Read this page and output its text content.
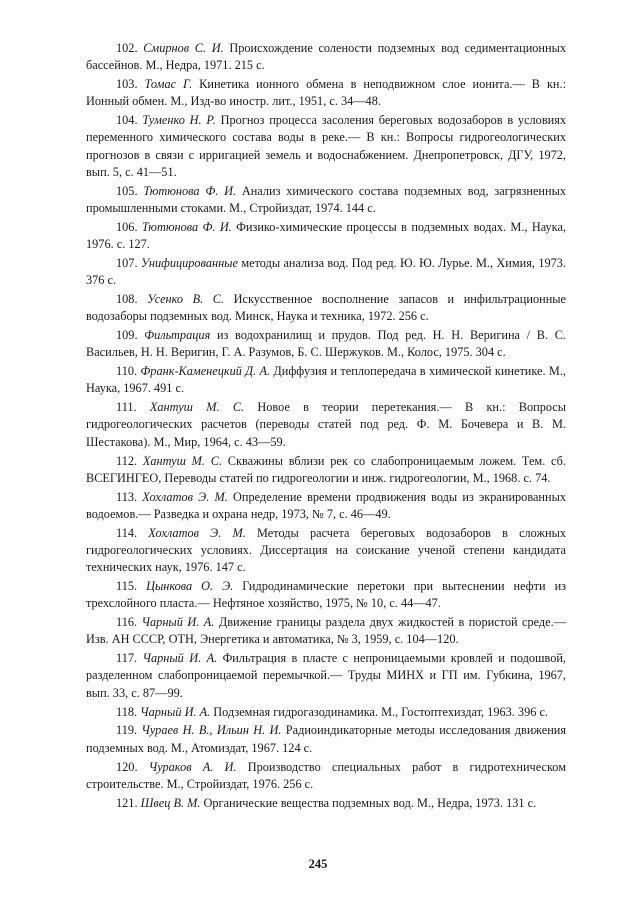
102. Смирнов С. И. Происхождение солености подземных вод седиментационных бассейнов. М., Недра, 1971. 215 с.

103. Томас Г. Кинетика ионного обмена в неподвижном слое ионита.— В кн.: Ионный обмен. М., Изд-во иностр. лит., 1951, с. 34—48.

104. Туменко Н. Р. Прогноз процесса засоления береговых водозаборов в условиях переменного химического состава воды в реке.— В кн.: Вопросы гидрогеологических прогнозов в связи с ирригацией земель и водоснабжением. Днепропетровск, ДГУ, 1972, вып. 5, с. 41—51.

105. Тютюнова Ф. И. Анализ химического состава подземных вод, загрязненных промышленными стоками. М., Стройиздат, 1974. 144 с.

106. Тютюнова Ф. И. Физико-химические процессы в подземных водах. М., Наука, 1976. с. 127.

107. Унифицированные методы анализа вод. Под ред. Ю. Ю. Лурье. М., Химия, 1973. 376 с.

108. Усенко В. С. Искусственное восполнение запасов и инфильтрационные водозаборы подземных вод. Минск, Наука и техника, 1972. 256 с.

109. Фильтрация из водохранилищ и прудов. Под ред. Н. Н. Веригина / В. С. Васильев, Н. Н. Веригин, Г. А. Разумов, Б. С. Шержуков. М., Колос, 1975. 304 с.

110. Франк-Каменецкий Д. А. Диффузия и теплопередача в химической кинетике. М., Наука, 1967. 491 с.

111. Хантуш М. С. Новое в теории перетекания.— В кн.: Вопросы гидрогеологических расчетов (переводы статей под ред. Ф. М. Бочевера и В. М. Шестакова). М., Мир, 1964, с. 43—59.

112. Хантуш М. С. Скважины вблизи рек со слабопроницаемым ложем. Тем. сб. ВСЕГИНГЕО, Переводы статей по гидрогеологии и инж. гидрогеологии, М., 1968. с. 74.

113. Хохлатов Э. М. Определение времени продвижения воды из экранированных водоемов.— Разведка и охрана недр, 1973, № 7, с. 46—49.

114. Хохлатов Э. М. Методы расчета береговых водозаборов в сложных гидрогеологических условиях. Диссертация на соискание ученой степени кандидата технических наук, 1976. 147 с.

115. Цынкова О. Э. Гидродинамические перетоки при вытеснении нефти из трехслойного пласта.— Нефтяное хозяйство, 1975, № 10, с. 44—47.

116. Чарный И. А. Движение границы раздела двух жидкостей в пористой среде.— Изв. АН СССР, ОТН, Энергетика и автоматика, № 3, 1959, с. 104—120.

117. Чарный И. А. Фильтрация в пласте с непроницаемыми кровлей и подошвой, разделенном слабопроницаемой перемычкой.— Труды МИНХ и ГП им. Губкина, 1967, вып. 33, с. 87—99.

118. Чарный И. А. Подземная гидрогазодинамика. М., Гостоптехиздат, 1963. 396 с.

119. Чураев Н. В., Ильин Н. И. Радиоиндикаторные методы исследования движения подземных вод. М., Атомиздат, 1967. 124 с.

120. Чураков А. И. Производство специальных работ в гидротехническом строительстве. М., Стройиздат, 1976. 256 с.

121. Швец В. М. Органические вещества подземных вод. М., Недра, 1973. 131 с.

245
